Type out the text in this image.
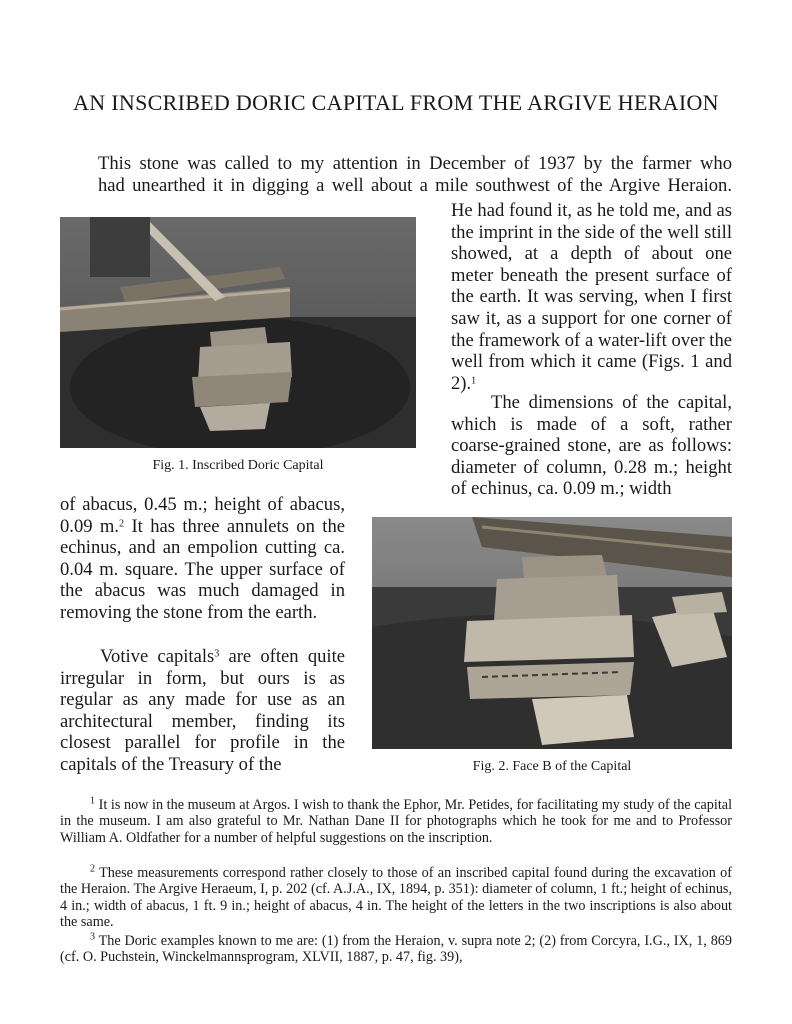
AN INSCRIBED DORIC CAPITAL FROM THE ARGIVE HERAION
This stone was called to my attention in December of 1937 by the farmer who
had unearthed it in digging a well about a mile southwest of the Argive Heraion.
He had found it, as he told me, and as the imprint in the side of the well still showed, at a depth of about one meter beneath the present surface of the earth. It was serving, when I first saw it, as a support for one corner of the framework of a water-lift over the well from which it came (Figs. 1 and 2).$^1$
Fig. 1. Inscribed Doric Capital
The dimensions of the capital, which is made of a soft, rather coarse-grained stone, are as follows: diameter of column, 0.28 m.; height of echinus, ca. 0.09 m.; width
of abacus, 0.45 m.; height of abacus, 0.09 m.$^2$ It has three annulets on the echinus, and an empolion cutting ca. 0.04 m. square. The upper surface of the abacus was much damaged in removing the stone from the earth.
Fig. 2. Face B of the Capital
Votive capitals$^3$ are often quite irregular in form, but ours is as regular as any made for use as an architectural member, finding its closest parallel for profile in the capitals of the Treasury of the
$^1$ It is now in the museum at Argos. I wish to thank the Ephor, Mr. Petides, for facilitating my study of the capital in the museum. I am also grateful to Mr. Nathan Dane II for photographs which he took for me and to Professor William A. Oldfather for a number of helpful suggestions on the inscription.
$^2$ These measurements correspond rather closely to those of an inscribed capital found during the excavation of the Heraion. The Argive Heraeum, I, p. 202 (cf. A.J.A., IX, 1894, p. 351): diameter of column, 1 ft.; height of echinus, 4 in.; width of abacus, 1 ft. 9 in.; height of abacus, 4 in. The height of the letters in the two inscriptions is also about the same.
$^3$ The Doric examples known to me are: (1) from the Heraion, v. supra note 2; (2) from Corcyra, I.G., IX, 1, 869 (cf. O. Puchstein, Winckelmannsprogram, XLVII, 1887, p. 47, fig. 39),
